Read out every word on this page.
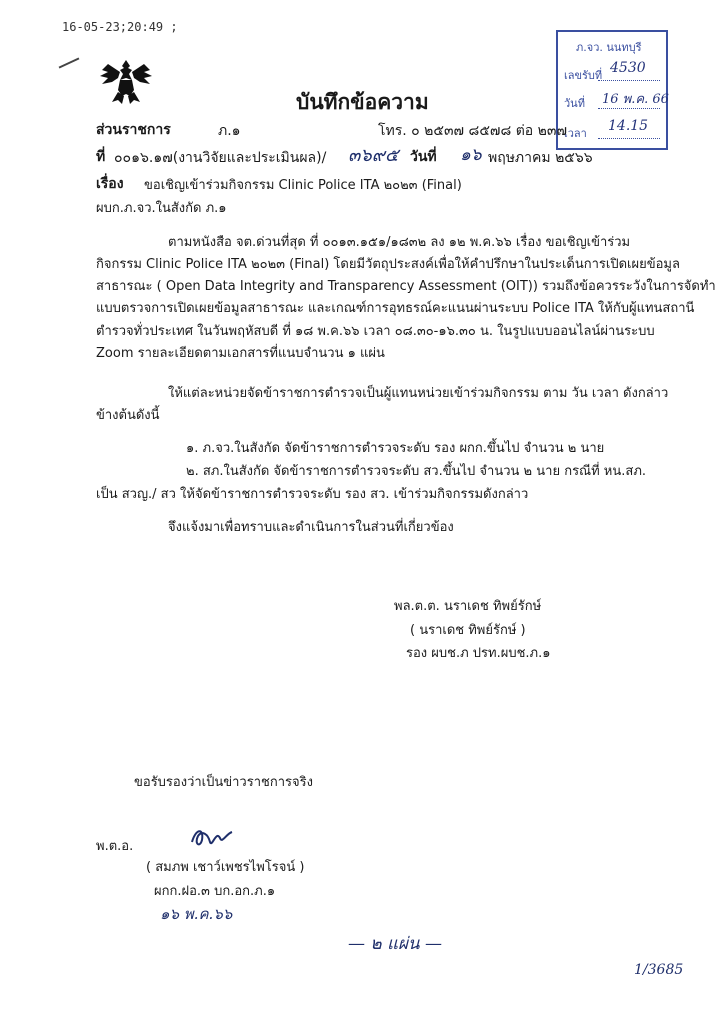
16-05-23;20:49 ;
ภ.จว. นนทบุรี
เลขรับที่ 4530
วันที่ 16 พ.ค. 66
เวลา 14.15
บันทึกข้อความ
ส่วนราชการ	ภ.๑	โทร. ๐ ๒๕๓๗ ๘๕๗๘ ต่อ ๒๓๗
ที่ ๐๐๑๖.๑๗(งานวิจัยและประเมินผล)/ ๓๖๙๕ วันที่ ๑๖ พฤษภาคม ๒๕๖๖
เรื่อง ขอเชิญเข้าร่วมกิจกรรม Clinic Police ITA ๒๐๒๓ (Final)
ผบก.ภ.จว.ในสังกัด ภ.๑
ตามหนังสือ จต.ด่วนที่สุด ที่ ๐๐๑๓.๑๕๑/๑๘๓๒ ลง ๑๒ พ.ค.๖๖ เรื่อง ขอเชิญเข้าร่วม
กิจกรรม Clinic Police ITA ๒๐๒๓ (Final) โดยมีวัตถุประสงค์เพื่อให้คำปรึกษาในประเด็นการเปิดเผยข้อมูล
สาธารณะ ( Open Data Integrity and Transparency Assessment (OIT)) รวมถึงข้อควรระวังในการจัดทำ
แบบตรวจการเปิดเผยข้อมูลสาธารณะ และเกณฑ์การอุทธรณ์คะแนนผ่านระบบ Police ITA ให้กับผู้แทนสถานี
ตำรวจทั่วประเทศ ในวันพฤหัสบดี ที่ ๑๘ พ.ค.๖๖ เวลา ๐๘.๓๐-๑๖.๓๐ น. ในรูปแบบออนไลน์ผ่านระบบ
Zoom รายละเอียดตามเอกสารที่แนบจำนวน ๑ แผ่น
ให้แต่ละหน่วยจัดข้าราชการตำรวจเป็นผู้แทนหน่วยเข้าร่วมกิจกรรม ตาม วัน เวลา ดังกล่าว
ข้างต้นดังนี้
๑. ภ.จว.ในสังกัด จัดข้าราชการตำรวจระดับ รอง ผกก.ขึ้นไป จำนวน ๒ นาย
๒. สภ.ในสังกัด จัดข้าราชการตำรวจระดับ สว.ขึ้นไป จำนวน ๒ นาย กรณีที่ หน.สภ.
เป็น สวญ./ สว ให้จัดข้าราชการตำรวจระดับ รอง สว. เข้าร่วมกิจกรรมดังกล่าว
จึงแจ้งมาเพื่อทราบและดำเนินการในส่วนที่เกี่ยวข้อง
พล.ต.ต. นราเดช ทิพย์รักษ์
( นราเดช ทิพย์รักษ์ )
รอง ผบช.ภ ปรท.ผบช.ภ.๑
ขอรับรองว่าเป็นข่าวราชการจริง
พ.ต.อ.
( สมภพ เชาว์เพชรไพโรจน์ )
ผกก.ฝอ.๓ บก.อก.ภ.๑
๑๖ พ.ค.๖๖
— ๒ แผ่น —
1/3685
